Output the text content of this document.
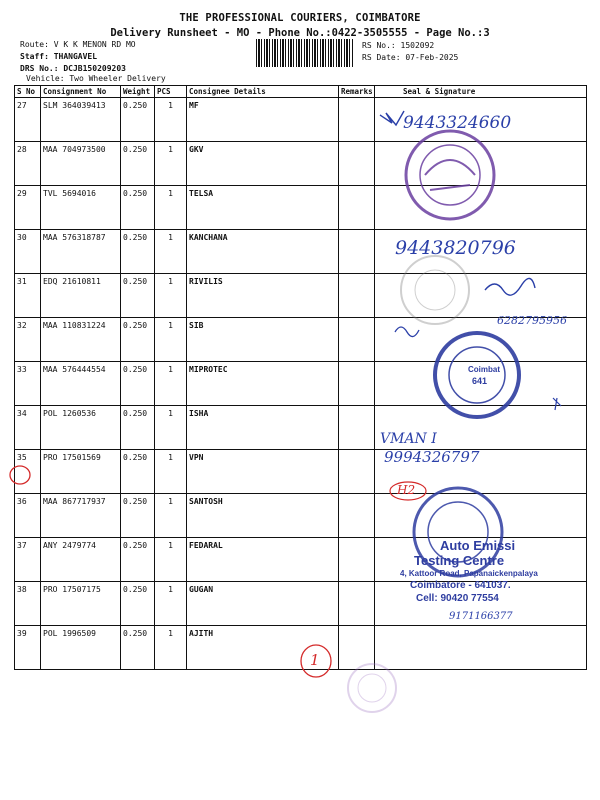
THE PROFESSIONAL COURIERS, COIMBATORE
Delivery Runsheet - MO - Phone No.:0422-3505555 - Page No.:3
Route: V K K MENON RD MO
Staff: THANGAVEL
DRS No.: DCJB15020920З
Vehicle: Two Wheeler Delivery
RS No.: 1502092
RS Date: 07-Feb-2025
S No	Consignment No	Weight	PCS	Consignee Details	Remarks	Seal & Signature
27	SLM 364039413	0.250	1	MF		
28	MAA 704973500	0.250	1	GKV		
29	TVL 5694016	0.250	1	TELSA		
30	MAA 576318787	0.250	1	KANCHANA		
31	EDQ 21610811	0.250	1	RIVILIS		
32	MAA 110831224	0.250	1	SIB		
33	MAA 576444554	0.250	1	MIPROTEC		
34	POL 1260536	0.250	1	ISHA		
35	PRO 17501569	0.250	1	VPN		
36	MAA 867717937	0.250	1	SANTOSH		
37	ANY 2479774	0.250	1	FEDARAL		
38	PRO 17507175	0.250	1	GUGAN		
39	POL 1996509	0.250	1	AJITH		
9443324660
9443820796
6282795956
VMAN I
9994326797
H2
9171166377
1
Auto Emissi
Testing Centre
4, Kattoor Road, Papanaickenpalaya
Coimbatore - 641037.
Cell: 90420 77554
Coimbat
641
